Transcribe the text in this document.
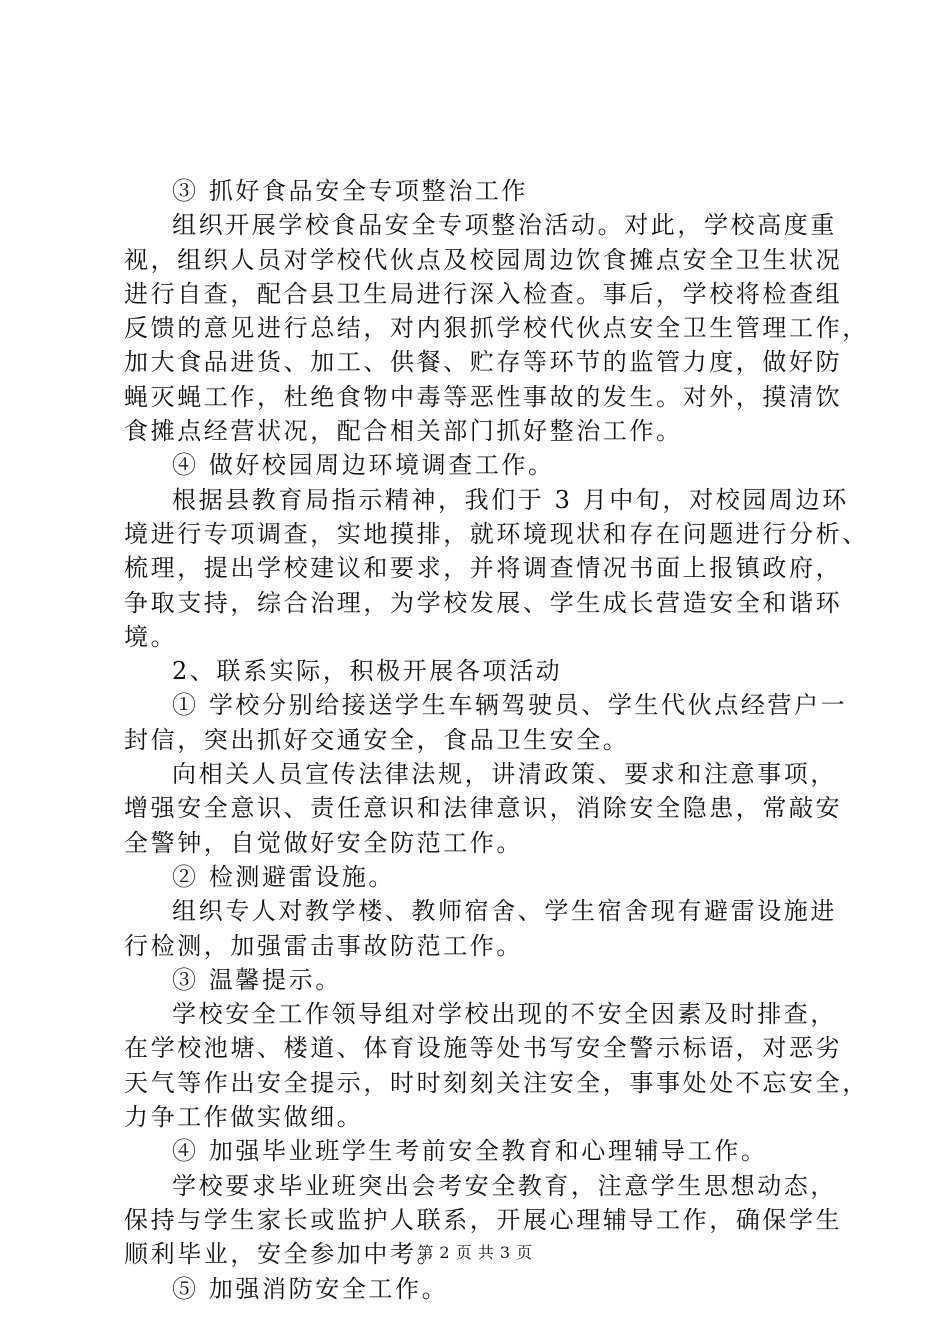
③ 抓好食品安全专项整治工作
组织开展学校食品安全专项整治活动。对此，学校高度重
视，组织人员对学校代伙点及校园周边饮食摊点安全卫生状况
进行自查，配合县卫生局进行深入检查。事后，学校将检查组
反馈的意见进行总结，对内狠抓学校代伙点安全卫生管理工作，
加大食品进货、加工、供餐、贮存等环节的监管力度，做好防
蝇灭蝇工作，杜绝食物中毒等恶性事故的发生。对外，摸清饮
食摊点经营状况，配合相关部门抓好整治工作。
④ 做好校园周边环境调查工作。
根据县教育局指示精神，我们于 3 月中旬，对校园周边环
境进行专项调查，实地摸排，就环境现状和存在问题进行分析、
梳理，提出学校建议和要求，并将调查情况书面上报镇政府，
争取支持，综合治理，为学校发展、学生成长营造安全和谐环
境。
2、联系实际，积极开展各项活动
① 学校分别给接送学生车辆驾驶员、学生代伙点经营户一
封信，突出抓好交通安全，食品卫生安全。
向相关人员宣传法律法规，讲清政策、要求和注意事项，
增强安全意识、责任意识和法律意识，消除安全隐患，常敲安
全警钟，自觉做好安全防范工作。
② 检测避雷设施。
组织专人对教学楼、教师宿舍、学生宿舍现有避雷设施进
行检测，加强雷击事故防范工作。
③ 温馨提示。
学校安全工作领导组对学校出现的不安全因素及时排查，
在学校池塘、楼道、体育设施等处书写安全警示标语，对恶劣
天气等作出安全提示，时时刻刻关注安全，事事处处不忘安全，
力争工作做实做细。
④ 加强毕业班学生考前安全教育和心理辅导工作。
学校要求毕业班突出会考安全教育，注意学生思想动态，
保持与学生家长或监护人联系，开展心理辅导工作，确保学生
顺利毕业，安全参加中考。
⑤ 加强消防安全工作。
第 2 页 共 3 页
